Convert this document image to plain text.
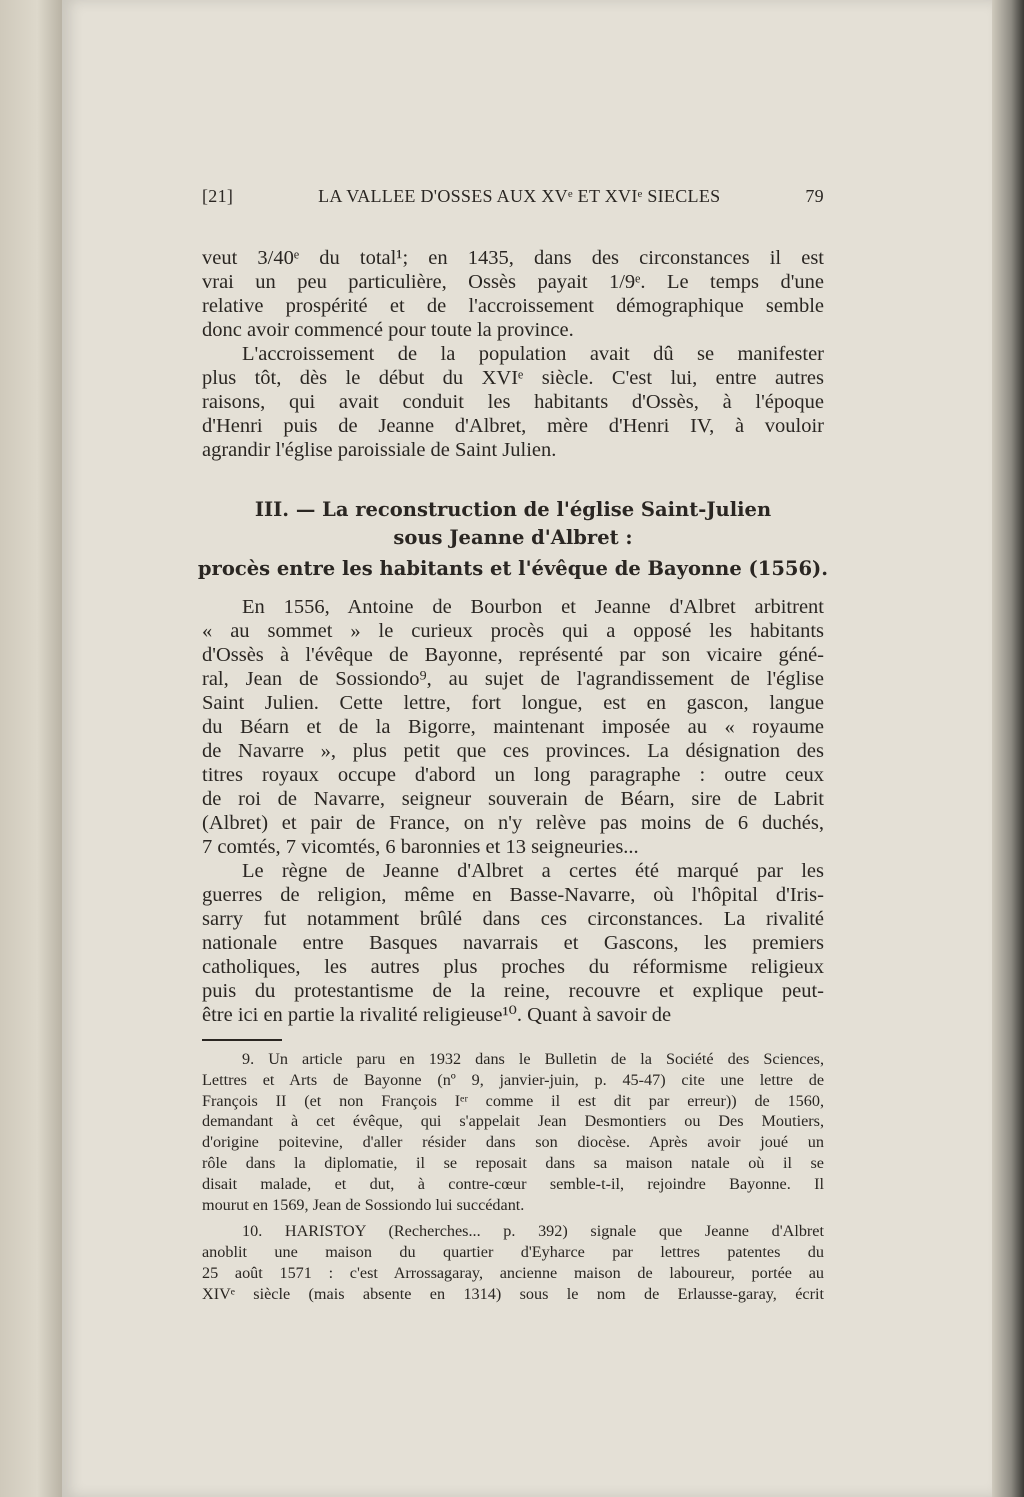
[21]	LA VALLEE D'OSSES AUX XVᵉ ET XVIᵉ SIECLES	79
veut 3/40ᵉ du total¹; en 1435, dans des circonstances il est
vrai un peu particulière, Ossès payait 1/9ᵉ. Le temps d'une
relative prospérité et de l'accroissement démographique semble
donc avoir commencé pour toute la province.
L'accroissement de la population avait dû se manifester
plus tôt, dès le début du XVIᵉ siècle. C'est lui, entre autres
raisons, qui avait conduit les habitants d'Ossès, à l'époque
d'Henri puis de Jeanne d'Albret, mère d'Henri IV, à vouloir
agrandir l'église paroissiale de Saint Julien.
III. — La reconstruction de l'église Saint-Julien
sous Jeanne d'Albret :
procès entre les habitants et l'évêque de Bayonne (1556).
En 1556, Antoine de Bourbon et Jeanne d'Albret arbitrent
« au sommet » le curieux procès qui a opposé les habitants
d'Ossès à l'évêque de Bayonne, représenté par son vicaire géné-
ral, Jean de Sossiondo⁹, au sujet de l'agrandissement de l'église
Saint Julien. Cette lettre, fort longue, est en gascon, langue
du Béarn et de la Bigorre, maintenant imposée au « royaume
de Navarre », plus petit que ces provinces. La désignation des
titres royaux occupe d'abord un long paragraphe : outre ceux
de roi de Navarre, seigneur souverain de Béarn, sire de Labrit
(Albret) et pair de France, on n'y relève pas moins de 6 duchés,
7 comtés, 7 vicomtés, 6 baronnies et 13 seigneuries...
Le règne de Jeanne d'Albret a certes été marqué par les
guerres de religion, même en Basse-Navarre, où l'hôpital d'Iris-
sarry fut notamment brûlé dans ces circonstances. La rivalité
nationale entre Basques navarrais et Gascons, les premiers
catholiques, les autres plus proches du réformisme religieux
puis du protestantisme de la reine, recouvre et explique peut-
être ici en partie la rivalité religieuse¹⁰. Quant à savoir de
9. Un article paru en 1932 dans le Bulletin de la Société des Sciences,
Lettres et Arts de Bayonne (nº 9, janvier-juin, p. 45-47) cite une lettre de
François II (et non François Iᵉʳ comme il est dit par erreur)) de 1560,
demandant à cet évêque, qui s'appelait Jean Desmontiers ou Des Moutiers,
d'origine poitevine, d'aller résider dans son diocèse. Après avoir joué un
rôle dans la diplomatie, il se reposait dans sa maison natale où il se
disait malade, et dut, à contre-cœur semble-t-il, rejoindre Bayonne. Il
mourut en 1569, Jean de Sossiondo lui succédant.
10. HARISTOY (Recherches... p. 392) signale que Jeanne d'Albret
anoblit une maison du quartier d'Eyharce par lettres patentes du
25 août 1571 : c'est Arrossagaray, ancienne maison de laboureur, portée au
XIVᵉ siècle (mais absente en 1314) sous le nom de Erlausse-garay, écrit
